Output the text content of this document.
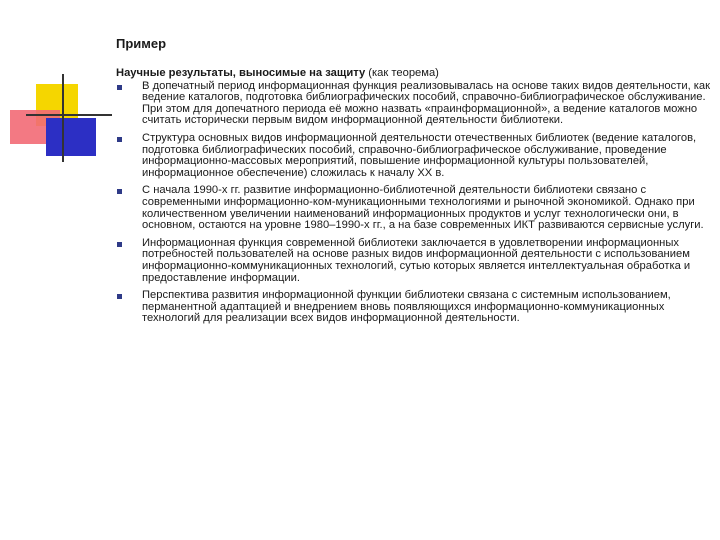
Пример

Научные результаты, выносимые на защиту (как теорема)

В допечатный период информационная функция реализовывалась на основе таких видов деятельности, как ведение каталогов, подготовка библиографических пособий, справочно-библиографическое обслуживание. При этом для допечатного периода её можно назвать «праинформационной», а ведение каталогов можно считать исторически первым видом информационной деятельности библиотеки.
Структура основных видов информационной деятельности отечественных библиотек (ведение каталогов, подготовка библиографических пособий, справочно-библиографическое обслуживание, проведение информационно-массовых мероприятий, повышение информационной культуры пользователей, информационное обеспечение) сложилась к началу XX в.
С начала 1990-х гг. развитие информационно-библиотечной деятельности библиотеки связано с современными информационно-ком-муникационными технологиями и рыночной экономикой. Однако при количественном увеличении наименований информационных продуктов и услуг технологически они, в основном, остаются на уровне 1980–1990-х гг., а на базе современных ИКТ развиваются сервисные услуги.
Информационная функция современной библиотеки заключается в удовлетворении информационных потребностей пользователей на основе разных видов информационной деятельности с использованием информационно-коммуникационных технологий, сутью которых является интеллектуальная обработка и предоставление информации.
Перспектива развития информационной функции библиотеки связана с системным использованием, перманентной адаптацией и внедрением вновь появляющихся информационно-коммуникационных технологий для реализации всех видов информационной деятельности.
